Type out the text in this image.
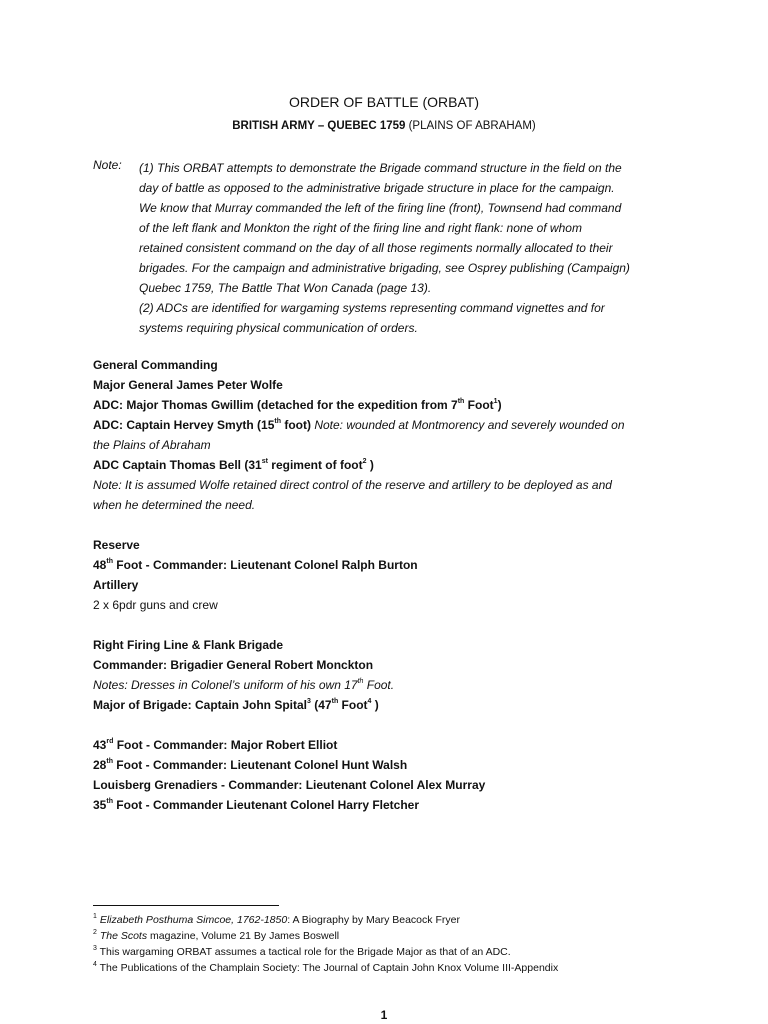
ORDER OF BATTLE (ORBAT)
BRITISH ARMY – QUEBEC 1759 (PLAINS OF ABRAHAM)
Note: (1) This ORBAT attempts to demonstrate the Brigade command structure in the field on the
day of battle as opposed to the administrative brigade structure in place for the campaign.
We know that Murray commanded the left of the firing line (front), Townsend had command
of the left flank and Monkton the right of the firing line and right flank: none of whom
retained consistent command on the day of all those regiments normally allocated to their
brigades. For the campaign and administrative brigading, see Osprey publishing (Campaign)
Quebec 1759, The Battle That Won Canada (page 13).
(2) ADCs are identified for wargaming systems representing command vignettes and for
systems requiring physical communication of orders.
General Commanding
Major General James Peter Wolfe
ADC: Major Thomas Gwillim (detached for the expedition from 7th Foot$^1$)
ADC: Captain Hervey Smyth (15th foot) Note: wounded at Montmorency and severely wounded on
the Plains of Abraham
ADC Captain Thomas Bell (31st regiment of foot$^2$ )
Note: It is assumed Wolfe retained direct control of the reserve and artillery to be deployed as and
when he determined the need.
Reserve
48th Foot - Commander: Lieutenant Colonel Ralph Burton
Artillery
2 x 6pdr guns and crew
Right Firing Line & Flank Brigade
Commander: Brigadier General Robert Monckton
Notes: Dresses in Colonel’s uniform of his own 17th Foot.
Major of Brigade: Captain John Spital$^3$ (47th Foot$^4$ )
43rd Foot - Commander: Major Robert Elliot
28th Foot - Commander: Lieutenant Colonel Hunt Walsh
Louisberg Grenadiers - Commander: Lieutenant Colonel Alex Murray
35th Foot - Commander Lieutenant Colonel Harry Fletcher
$^1$ Elizabeth Posthuma Simcoe, 1762-1850: A Biography by Mary Beacock Fryer
$^2$ The Scots magazine, Volume 21 By James Boswell
$^3$ This wargaming ORBAT assumes a tactical role for the Brigade Major as that of an ADC.
$^4$ The Publications of the Champlain Society: The Journal of Captain John Knox Volume III-Appendix
1
